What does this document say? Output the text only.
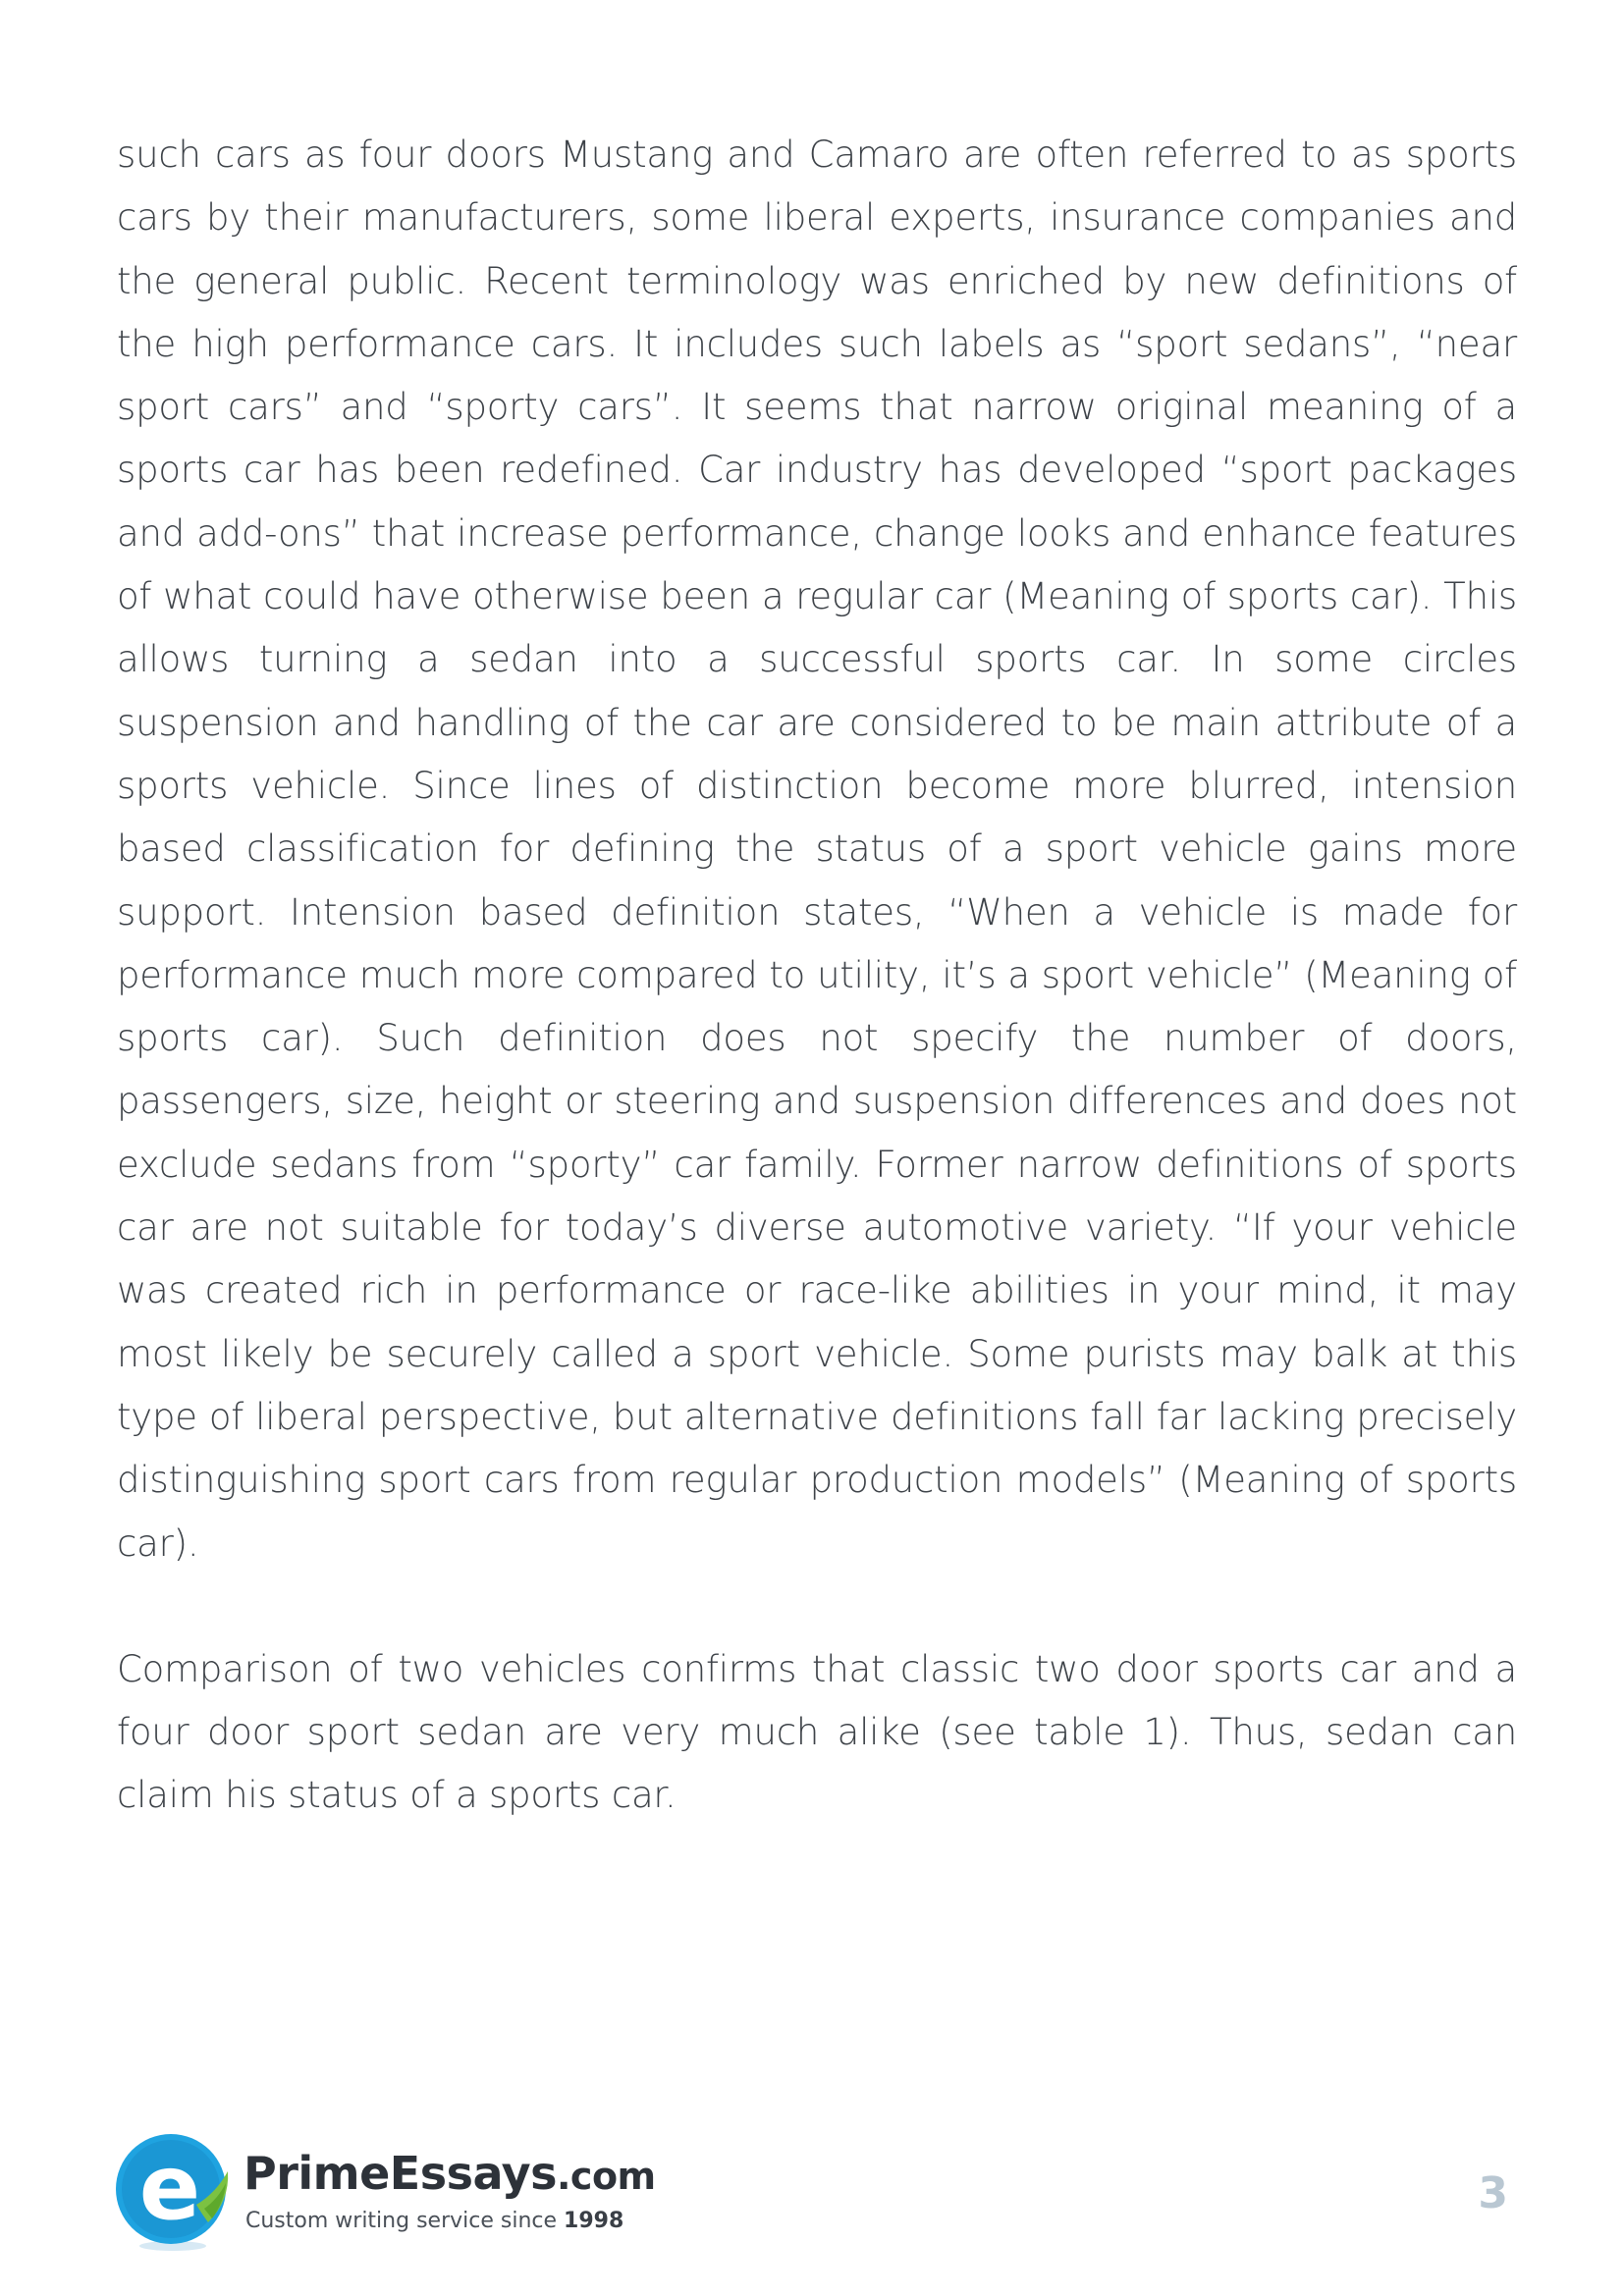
such cars as four doors Mustang and Camaro are often referred to as sports cars by their manufacturers, some liberal experts, insurance companies and the general public. Recent terminology was enriched by new definitions of the high performance cars. It includes such labels as “sport sedans”, “near sport cars” and “sporty cars”. It seems that narrow original meaning of a sports car has been redefined. Car industry has developed “sport packages and add-ons” that increase performance, change looks and enhance features of what could have otherwise been a regular car (Meaning of sports car). This allows turning a sedan into a successful sports car. In some circles suspension and handling of the car are considered to be main attribute of a sports vehicle. Since lines of distinction become more blurred, intension based classification for defining the status of a sport vehicle gains more support. Intension based definition states, “When a vehicle is made for performance much more compared to utility, it’s a sport vehicle” (Meaning of sports car). Such definition does not specify the number of doors, passengers, size, height or steering and suspension differences and does not exclude sedans from “sporty” car family. Former narrow definitions of sports car are not suitable for today’s diverse automotive variety. “If your vehicle was created rich in performance or race-like abilities in your mind, it may most likely be securely called a sport vehicle. Some purists may balk at this type of liberal perspective, but alternative definitions fall far lacking precisely distinguishing sport cars from regular production models” (Meaning of sports car).

Comparison of two vehicles confirms that classic two door sports car and a four door sport sedan are very much alike (see table 1). Thus, sedan can claim his status of a sports car.

e PrimeEssays.com
Custom writing service since 1998
3
